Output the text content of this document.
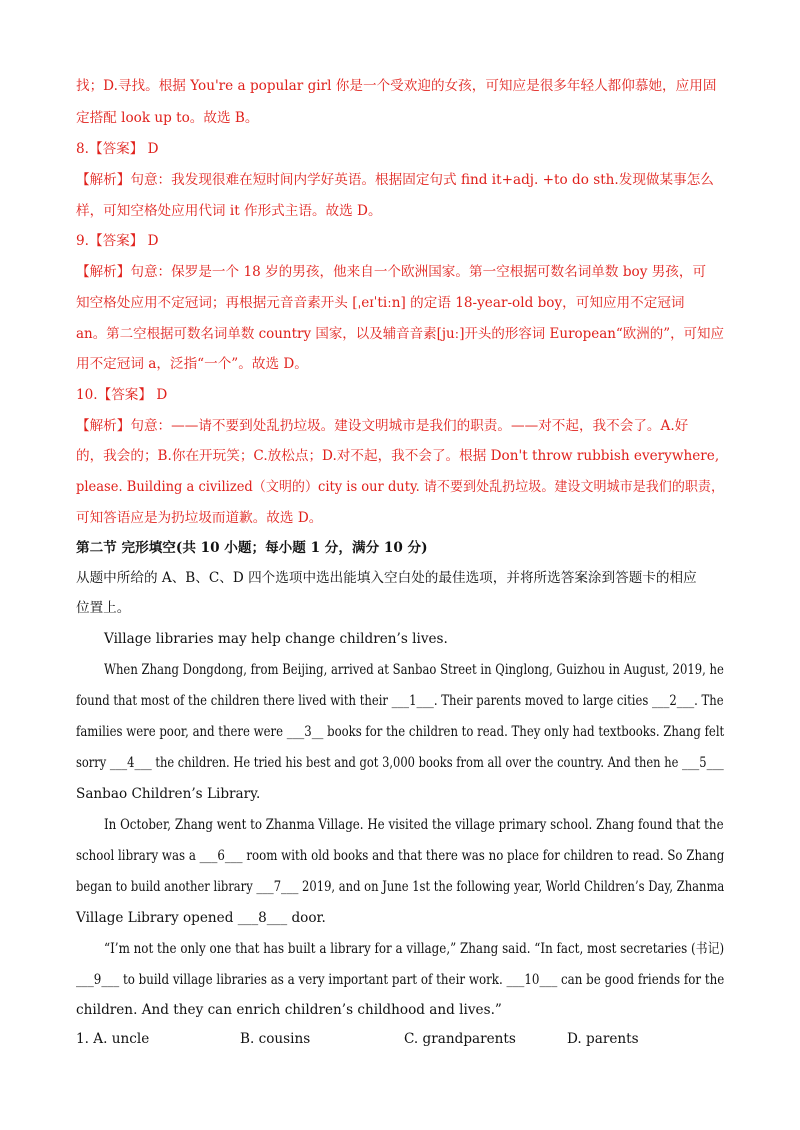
找；D.寻找。根据 You're a popular girl 你是一个受欢迎的女孩，可知应是很多年轻人都仰慕她，应用固
定搭配 look up to。故选 B。
8.【答案】 D
【解析】句意：我发现很难在短时间内学好英语。根据固定句式 find it+adj. +to do sth.发现做某事怎么
样，可知空格处应用代词 it 作形式主语。故选 D。
9.【答案】 D
【解析】句意：保罗是一个 18 岁的男孩，他来自一个欧洲国家。第一空根据可数名词单数 boy 男孩，可
知空格处应用不定冠词；再根据元音音素开头 [ˌeɪˈtiːn] 的定语 18-year-old boy，可知应用不定冠词
an。第二空根据可数名词单数 country 国家，以及辅音音素[juː]开头的形容词 European“欧洲的”，可知应
用不定冠词 a，泛指“一个”。故选 D。
10.【答案】 D
【解析】句意：——请不要到处乱扔垃圾。建设文明城市是我们的职责。——对不起，我不会了。A.好
的，我会的；B.你在开玩笑；C.放松点；D.对不起，我不会了。根据 Don't throw rubbish everywhere,
please. Building a civilized（文明的）city is our duty. 请不要到处乱扔垃圾。建设文明城市是我们的职责，
可知答语应是为扔垃圾而道歉。故选 D。
第二节 完形填空(共 10 小题；每小题 1 分，满分 10 分)
从题中所给的 A、B、C、D 四个选项中选出能填入空白处的最佳选项，并将所选答案涂到答题卡的相应
位置上。
Village libraries may help change children’s lives.
When Zhang Dongdong, from Beijing, arrived at Sanbao Street in Qinglong, Guizhou in August, 2019, he
found that most of the children there lived with their ___1___. Their parents moved to large cities ___2___. The
families were poor, and there were ___3__ books for the children to read. They only had textbooks. Zhang felt
sorry ___4___ the children. He tried his best and got 3,000 books from all over the country. And then he ___5___
Sanbao Children’s Library.
In October, Zhang went to Zhanma Village. He visited the village primary school. Zhang found that the
school library was a ___6___ room with old books and that there was no place for children to read. So Zhang
began to build another library ___7___ 2019, and on June 1st the following year, World Children’s Day, Zhanma
Village Library opened ___8___ door.
“I’m not the only one that has built a library for a village,” Zhang said. “In fact, most secretaries (书记)
___9___ to build village libraries as a very important part of their work. ___10___ can be good friends for the
children. And they can enrich children’s childhood and lives.”
1. A. uncle	B. cousins	C. grandparents	D. parents
